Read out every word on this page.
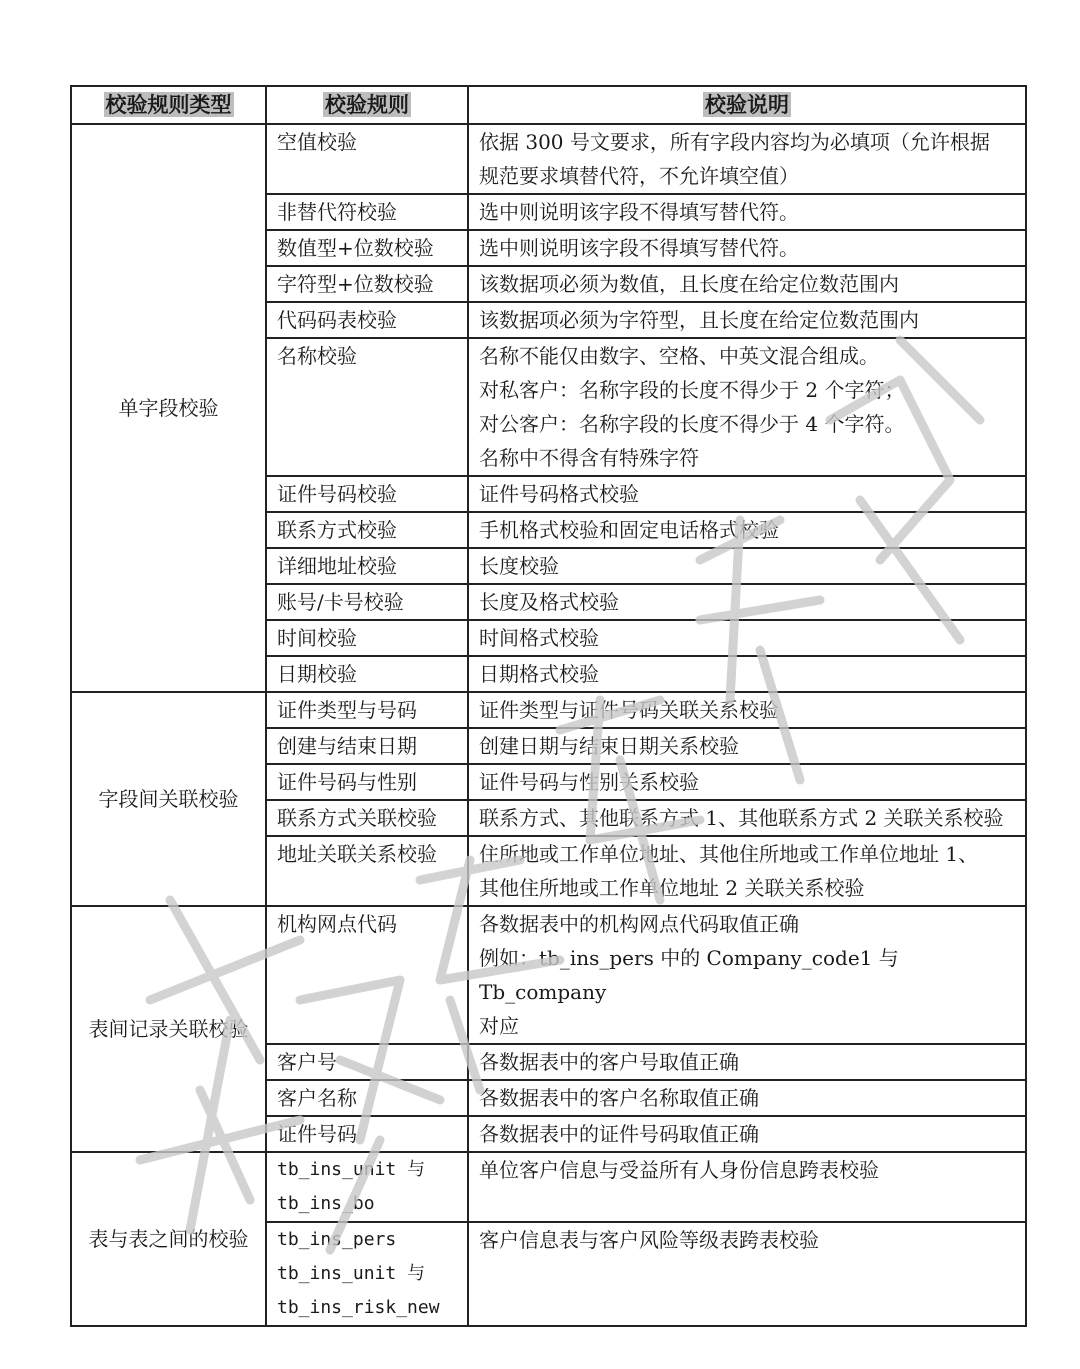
校验规则类型	校验规则	校验说明
单字段校验	空值校验	依据 300 号文要求，所有字段内容均为必填项（允许根据
规范要求填替代符，不允许填空值）

	非替代符校验	选中则说明该字段不得填写替代符。

	数值型+位数校验	选中则说明该字段不得填写替代符。

	字符型+位数校验	该数据项必须为数值，且长度在给定位数范围内

	代码码表校验	该数据项必须为字符型，且长度在给定位数范围内

	名称校验	名称不能仅由数字、空格、中英文混合组成。
对私客户：名称字段的长度不得少于 2 个字符；
对公客户：名称字段的长度不得少于 4 个字符。
名称中不得含有特殊字符

	证件号码校验	证件号码格式校验

	联系方式校验	手机格式校验和固定电话格式校验

	详细地址校验	长度校验

	账号/卡号校验	长度及格式校验

	时间校验	时间格式校验

	日期校验	日期格式校验

字段间关联校验	证件类型与号码	证件类型与证件号码关联关系校验

	创建与结束日期	创建日期与结束日期关系校验

	证件号码与性别	证件号码与性别关系校验

	联系方式关联校验	联系方式、其他联系方式 1、其他联系方式 2 关联关系校验

	地址关联关系校验	住所地或工作单位地址、其他住所地或工作单位地址 1、
其他住所地或工作单位地址 2 关联关系校验

表间记录关联校验	机构网点代码	各数据表中的机构网点代码取值正确
例如：tb_ins_pers 中的 Company_code1 与 Tb_company
对应

	客户号	各数据表中的客户号取值正确

	客户名称	各数据表中的客户名称取值正确

	证件号码	各数据表中的证件号码取值正确

表与表之间的校验	tb_ins_unit 与
tb_ins_bo	单位客户信息与受益所有人身份信息跨表校验

	tb_ins_pers
tb_ins_unit 与
tb_ins_risk_new	客户信息表与客户风险等级表跨表校验
